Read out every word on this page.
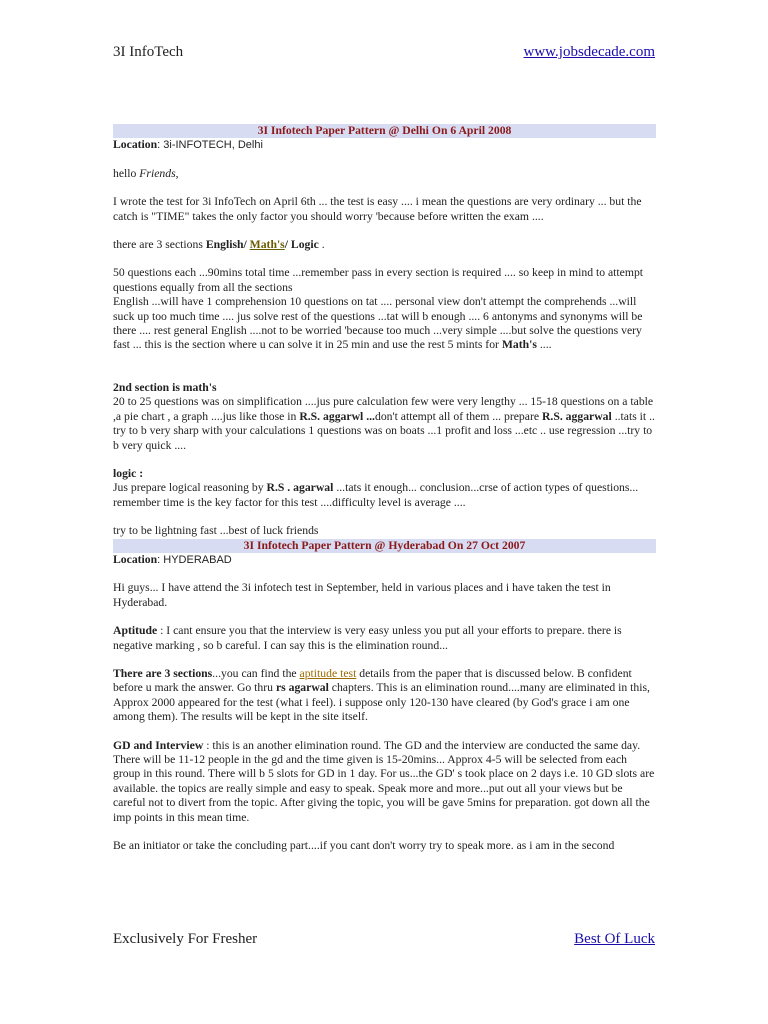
3I InfoTech	www.jobsdecade.com
3I Infotech Paper Pattern @ Delhi On 6 April 2008

Location: 3i-INFOTECH, Delhi

hello Friends,

I wrote the test for 3i InfoTech on April 6th ... the test is easy .... i mean the questions are very ordinary ... but the catch is "TIME" takes the only factor you should worry 'because before written the exam ....

there are 3 sections English/ Math's/ Logic .

50 questions each ...90mins total time ...remember pass in every section is required .... so keep in mind to attempt questions equally from all the sections

English ...will have 1 comprehension 10 questions on tat .... personal view don't attempt the comprehends ...will suck up too much time .... jus solve rest of the questions ...tat will b enough .... 6 antonyms and synonyms will be there .... rest general English ....not to be worried 'because too much ...very simple ....but solve the questions very fast ... this is the section where u can solve it in 25 min and use the rest 5 mints for Math's ....

2nd section is math's

20 to 25 questions was on simplification ....jus pure calculation few were very lengthy ... 15-18 questions on a table ,a pie chart , a graph ....jus like those in R.S. aggarwl ...don't attempt all of them ... prepare R.S. aggarwal ..tats it .. try to b very sharp with your calculations 1 questions was on boats ...1 profit and loss ...etc .. use regression ...try to b very quick ....

logic :

Jus prepare logical reasoning by R.S . agarwal ...tats it enough... conclusion...crse of action types of questions... remember time is the key factor for this test ....difficulty level is average ....

try to be lightning fast ...best of luck friends

3I Infotech Paper Pattern @ Hyderabad On 27 Oct 2007

Location: HYDERABAD

Hi guys... I have attend the 3i infotech test in September, held in various places and i have taken the test in Hyderabad.

Aptitude : I cant ensure you that the interview is very easy unless you put all your efforts to prepare. there is negative marking , so b careful. I can say this is the elimination round...

There are 3 sections...you can find the aptitude test details from the paper that is discussed below. B confident before u mark the answer. Go thru rs agarwal chapters. This is an elimination round....many are eliminated in this, Approx 2000 appeared for the test (what i feel). i suppose only 120-130 have cleared (by God's grace i am one among them). The results will be kept in the site itself.

GD and Interview : this is an another elimination round. The GD and the interview are conducted the same day. There will be 11-12 people in the gd and the time given is 15-20mins... Approx 4-5 will be selected from each group in this round. There will b 5 slots for GD in 1 day. For us...the GD' s took place on 2 days i.e. 10 GD slots are available. the topics are really simple and easy to speak. Speak more and more...put out all your views but be careful not to divert from the topic. After giving the topic, you will be gave 5mins for preparation. got down all the imp points in this mean time.

Be an initiator or take the concluding part....if you cant don't worry try to speak more. as i am in the second

Exclusively For Fresher	Best Of Luck
